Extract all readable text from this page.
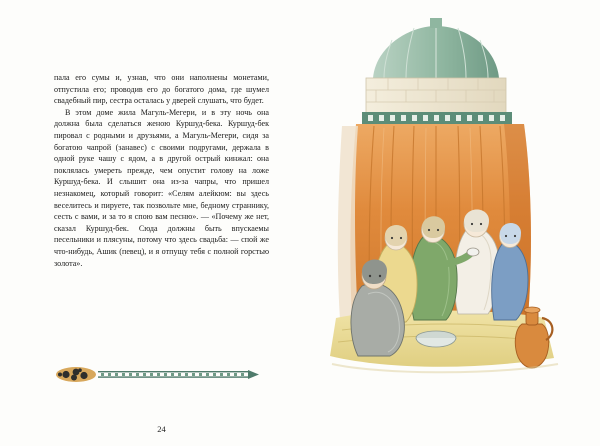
пала его сумы и, узнав, что они наполнены монетами, отпустила его; проводив его до богатого дома, где шумел свадебный пир, сестра осталась у дверей слушать, что будет.

В этом доме жила Магуль-Мегери, и в эту ночь она должна была сделаться женою Куршуд-бека. Куршуд-бек пировал с родными и друзьями, а Магуль-Мегери, сидя за богатою чапрой (занавес) с своими подругами, держала в одной руке чашу с ядом, а в другой острый кинжал: она поклялась умереть прежде, чем опустит голову на ложе Куршуд-бека. И слышит она из-за чапры, что пришел незнакомец, который говорит: «Селям алейкюм: вы здесь веселитесь и пируете, так позвольте мне, бедному страннику, сесть с вами, и за то я спою вам песню». — «Почему же нет, сказал Куршуд-бек. Сюда должны быть впускаемы песельники и плясуны, потому что здесь свадьба: — спой же что-нибудь, Ашик (певец), и я отпущу тебя с полной горстью золота».

24
